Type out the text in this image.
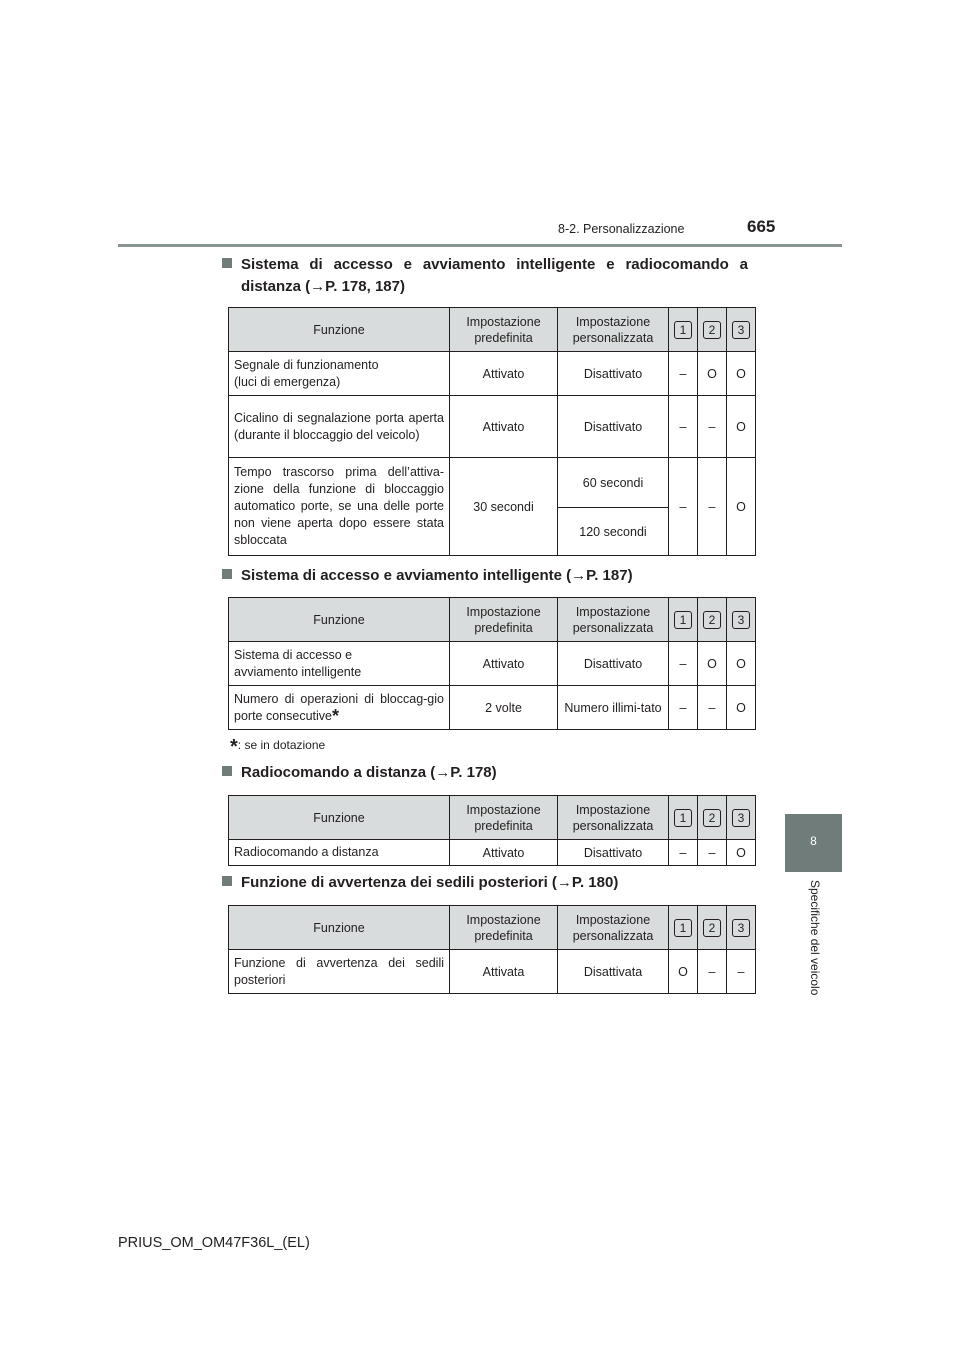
8-2. Personalizzazione	665
8
Specifiche del veicolo
Sistema di accesso e avviamento intelligente e radiocomando a
distanza (→P. 178, 187)
Funzione	Impostazione predefinita	Impostazione personalizzata	1	2	3
Segnale di funzionamento
(luci di emergenza)	Attivato	Disattivato	–	O	O
Cicalino di segnalazione porta aperta (durante il bloccaggio del veicolo)	Attivato	Disattivato	–	–	O
Tempo trascorso prima dell’attiva-zione della funzione di bloccaggio automatico porte, se una delle porte non viene aperta dopo essere stata sbloccata	30 secondi	60 secondi	–	–	O
		120 secondi			
Sistema di accesso e avviamento intelligente (→P. 187)
Funzione	Impostazione predefinita	Impostazione personalizzata	1	2	3
Sistema di accesso e
avviamento intelligente	Attivato	Disattivato	–	O	O
Numero di operazioni di bloccag-gio porte consecutive*	2 volte	Numero illimi-tato	–	–	O
*: se in dotazione
Radiocomando a distanza (→P. 178)
Funzione	Impostazione predefinita	Impostazione personalizzata	1	2	3
Radiocomando a distanza	Attivato	Disattivato	–	–	O
Funzione di avvertenza dei sedili posteriori (→P. 180)
Funzione	Impostazione predefinita	Impostazione personalizzata	1	2	3
Funzione di avvertenza dei sedili posteriori	Attivata	Disattivata	O	–	–
PRIUS_OM_OM47F36L_(EL)
